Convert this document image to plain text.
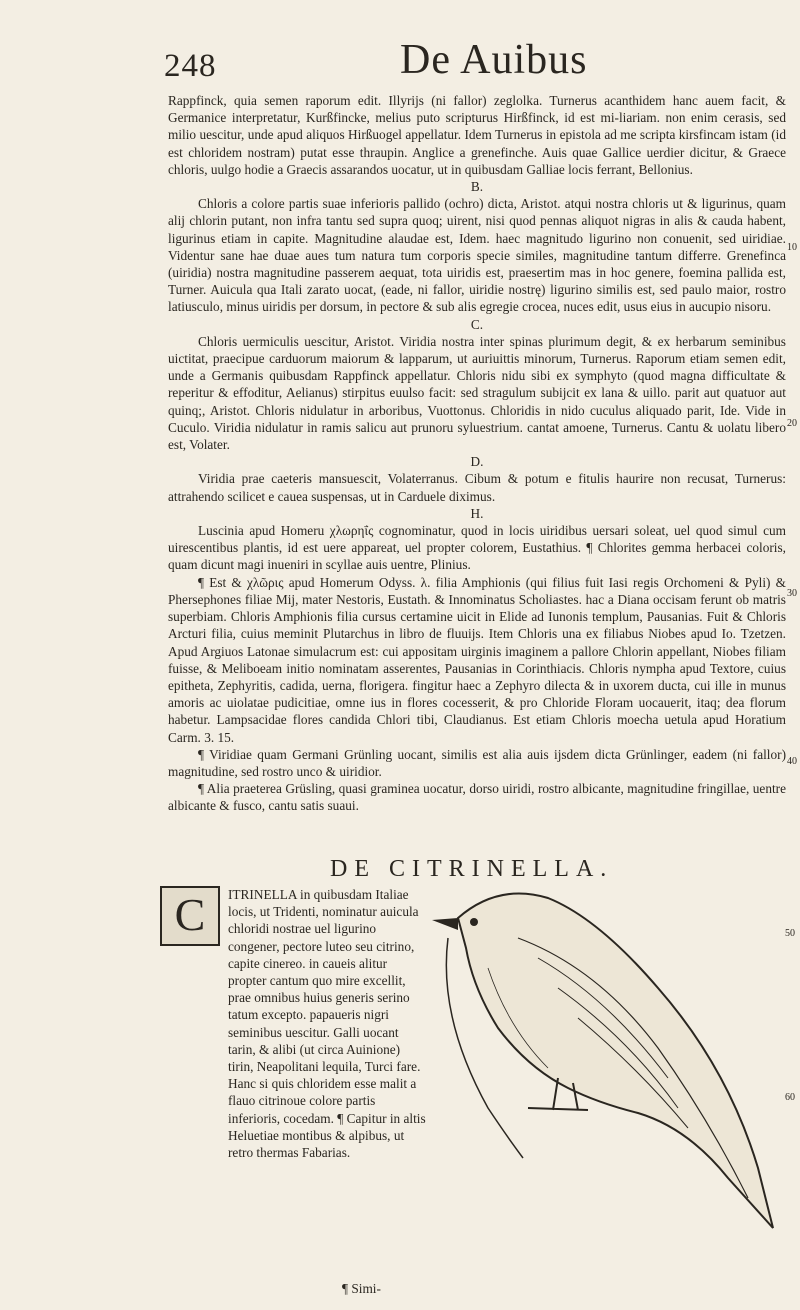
248	De Auibus

Rappfinck, quia semen raporum edit. Illyrijs (ni fallor) zeglolka. Turnerus acanthidem hanc auem facit, & Germanice interpretatur, Kurßfincke, melius puto scripturus Hirßfinck, id est mi-liariam. non enim cerasis, sed milio uescitur, unde apud aliquos Hirßuogel appellatur. Idem Turnerus in epistola ad me scripta kirsfincam istam (id est chloridem nostram) putat esse thraupin. Anglice a grenefinche. Auis quae Gallice uerdier dicitur, & Graece chloris, uulgo hodie a Graecis assarandos uocatur, ut in quibusdam Galliae locis ferrant, Bellonius.

B.

Chloris a colore partis suae inferioris pallido (ochro) dicta, Aristot. atqui nostra chloris ut & ligurinus, quam alij chlorin putant, non infra tantu sed supra quoq; uirent, nisi quod pennas aliquot nigras in alis & cauda habent, ligurinus etiam in capite. Magnitudine alaudae est, Idem. haec magnitudo ligurino non conuenit, sed uiridiae. Videntur sane hae duae aues tum natura tum corporis specie similes, magnitudine tantum differre. Grenefinca (uiridia) nostra magnitudine passerem aequat, tota uiridis est, praesertim mas in hoc genere, foemina pallida est, Turner. Auicula qua Itali zarato uocat, (eade, ni fallor, uiridie nostrę) ligurino similis est, sed paulo maior, rostro latiusculo, minus uiridis per dorsum, in pectore & sub alis egregie crocea, nuces edit, usus eius in aucupio nisoru.

C.

Chloris uermiculis uescitur, Aristot. Viridia nostra inter spinas plurimum degit, & ex herbarum seminibus uictitat, praecipue carduorum maiorum & lapparum, ut auriuittis minorum, Turnerus. Raporum etiam semen edit, unde a Germanis quibusdam Rappfinck appellatur. Chloris nidu sibi ex symphyto (quod magna difficultate & reperitur & effoditur, Aelianus) stirpitus euulso facit: sed stragulum subijcit ex lana & uillo. parit aut quatuor aut quinq;, Aristot. Chloris nidulatur in arboribus, Vuottonus. Chloridis in nido cuculus aliquado parit, Ide. Vide in Cuculo. Viridia nidulatur in ramis salicu aut prunoru syluestrium. cantat amoene, Turnerus. Cantu & uolatu libero est, Volater.

D.

Viridia prae caeteris mansuescit, Volaterranus. Cibum & potum e fitulis haurire non recusat, Turnerus: attrahendo scilicet e cauea suspensas, ut in Carduele diximus.

H.

Luscinia apud Homeru χλωρηΐς cognominatur, quod in locis uiridibus uersari soleat, uel quod simul cum uirescentibus plantis, id est uere appareat, uel propter colorem, Eustathius. ¶ Chlorites gemma herbacei coloris, quam dicunt magi inueniri in scyllae auis uentre, Plinius.

¶ Est & χλῶρις apud Homerum Odyss. λ. filia Amphionis (qui filius fuit Iasi regis Orchomeni & Pyli) & Phersephones filiae Mij, mater Nestoris, Eustath. & Innominatus Scholiastes. hac a Diana occisam ferunt ob matris superbiam. Chloris Amphionis filia cursus certamine uicit in Elide ad Iunonis templum, Pausanias. Fuit & Chloris Arcturi filia, cuius meminit Plutarchus in libro de fluuijs. Item Chloris una ex filiabus Niobes apud Io. Tzetzen. Apud Argiuos Latonae simulacrum est: cui appositam uirginis imaginem a pallore Chlorin appellant, Niobes filiam fuisse, & Meliboeam initio nominatam asserentes, Pausanias in Corinthiacis. Chloris nympha apud Textore, cuius epitheta, Zephyritis, cadida, uerna, florigera. fingitur haec a Zephyro dilecta & in uxorem ducta, cui ille in munus amoris ac uiolatae pudicitiae, omne ius in flores cocesserit, & pro Chloride Floram uocauerit, itaq; dea florum habetur. Lampsacidae flores candida Chlori tibi, Claudianus. Est etiam Chloris moecha uetula apud Horatium Carm. 3. 15.

¶ Viridiae quam Germani Grünling uocant, similis est alia auis ijsdem dicta Grünlinger, eadem (ni fallor) magnitudine, sed rostro unco & uiridior.

¶ Alia praeterea Grüsling, quasi graminea uocatur, dorso uiridi, rostro albicante, magnitudine fringillae, uentre albicante & fusco, cantu satis suaui.

10
20
30
40
50
60
DE CITRINELLA.
C	ITRINELLA in quibusdam Italiae locis, ut Tridenti, nominatur auicula chloridi nostrae uel ligurino congener, pectore luteo seu citrino, capite cinereo. in caueis alitur propter cantum quo mire excellit, prae omnibus huius generis serino tatum excepto. papaueris nigri seminibus uescitur. Galli uocant tarin, & alibi (ut circa Auinione) tirin, Neapolitani lequila, Turci fare. Hanc si quis chloridem esse malit a flauo citrinoue colore partis inferioris, cocedam. ¶ Capitur in altis Heluetiae montibus & alpibus, ut retro thermas Fabarias.

¶ Simi-
